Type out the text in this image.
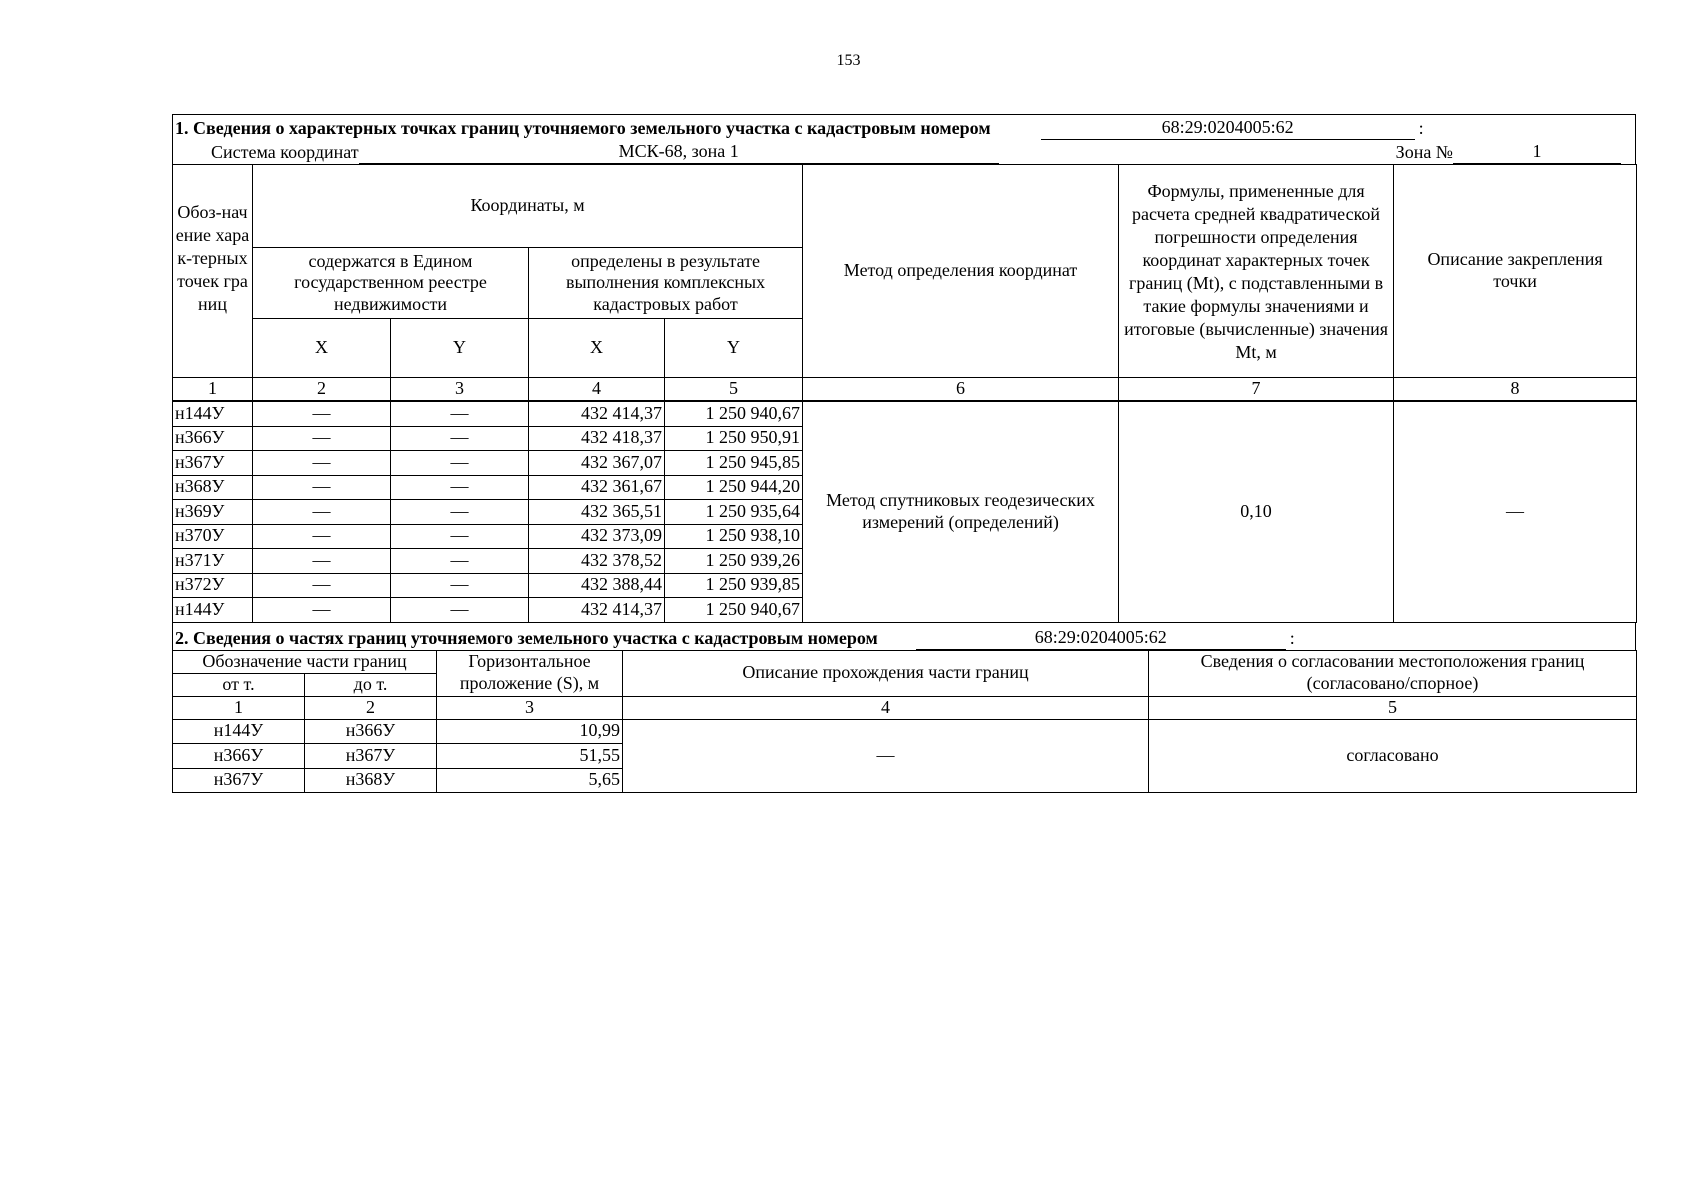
153
1. Сведения о характерных точках границ уточняемого земельного участка с кадастровым номером	68:29:0204005:62	:
Система координат	МСК-68, зона 1	Зона №	1
Обоз-начение харак-терных точек границ	Координаты, м				Метод определения координат	Формулы, примененные для расчета средней квадратической погрешности определения координат характерных точек границ (Mt), с подставленными в такие формулы значениями и итоговые (вычисленные) значения Mt, м	Описание закрепления точки
	содержатся в Едином государственном реестре недвижимости		определены в результате выполнения комплексных кадастровых работ				
	X	Y	X	Y			
1	2	3	4	5	6	7	8
н144У	—	—	432 414,37	1 250 940,67	Метод спутниковых геодезических измерений (определений)	0,10	—
н366У	—	—	432 418,37	1 250 950,91			
н367У	—	—	432 367,07	1 250 945,85			
н368У	—	—	432 361,67	1 250 944,20			
н369У	—	—	432 365,51	1 250 935,64			
н370У	—	—	432 373,09	1 250 938,10			
н371У	—	—	432 378,52	1 250 939,26			
н372У	—	—	432 388,44	1 250 939,85			
н144У	—	—	432 414,37	1 250 940,67			
2. Сведения о частях границ уточняемого земельного участка с кадастровым номером	68:29:0204005:62	:
Обозначение части границ		Горизонтальное проложение (S), м	Описание прохождения части границ	Сведения о согласовании местоположения границ (согласовано/спорное)
от т.	до т.			
1	2	3	4	5
н144У	н366У	10,99	—	согласовано
н366У	н367У	51,55		
н367У	н368У	5,65		
